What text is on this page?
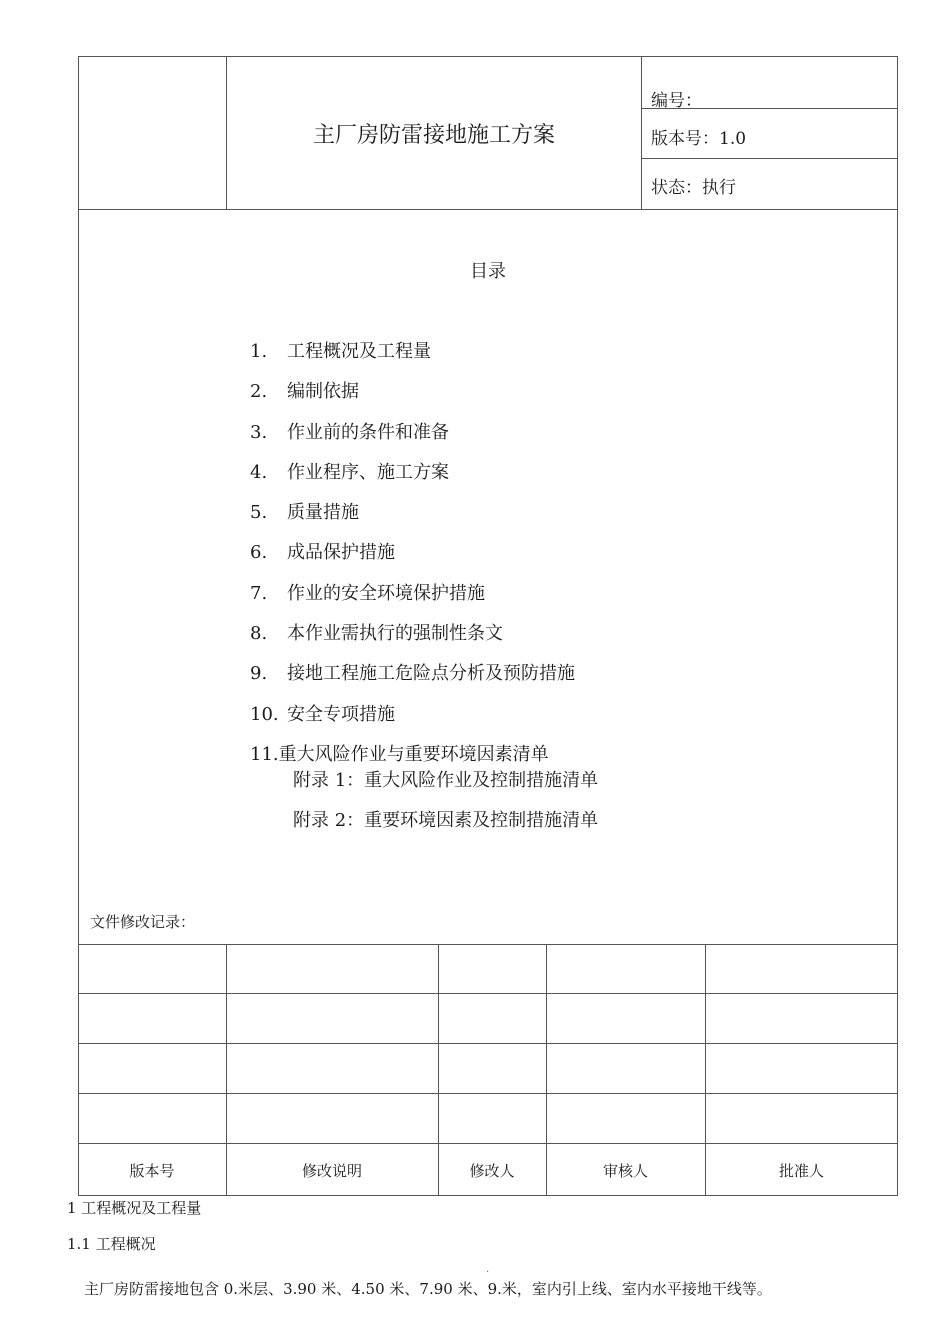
主厂房防雷接地施工方案
编号：
版本号：1.0
状态：执行
目录
1. 工程概况及工程量
2. 编制依据
3. 作业前的条件和准备
4. 作业程序、施工方案
5. 质量措施
6. 成品保护措施
7. 作业的安全环境保护措施
8. 本作业需执行的强制性条文
9. 接地工程施工危险点分析及预防措施
10. 安全专项措施
11.重大风险作业与重要环境因素清单
附录 1：重大风险作业及控制措施清单
附录 2：重要环境因素及控制措施清单
文件修改记录：
版本号	修改说明	修改人	审核人	批准人
1 工程概况及工程量
1.1 工程概况
.
主厂房防雷接地包含 0.米层、3.90 米、4.50 米、7.90 米、9.米，室内引上线、室内水平接地干线等。
